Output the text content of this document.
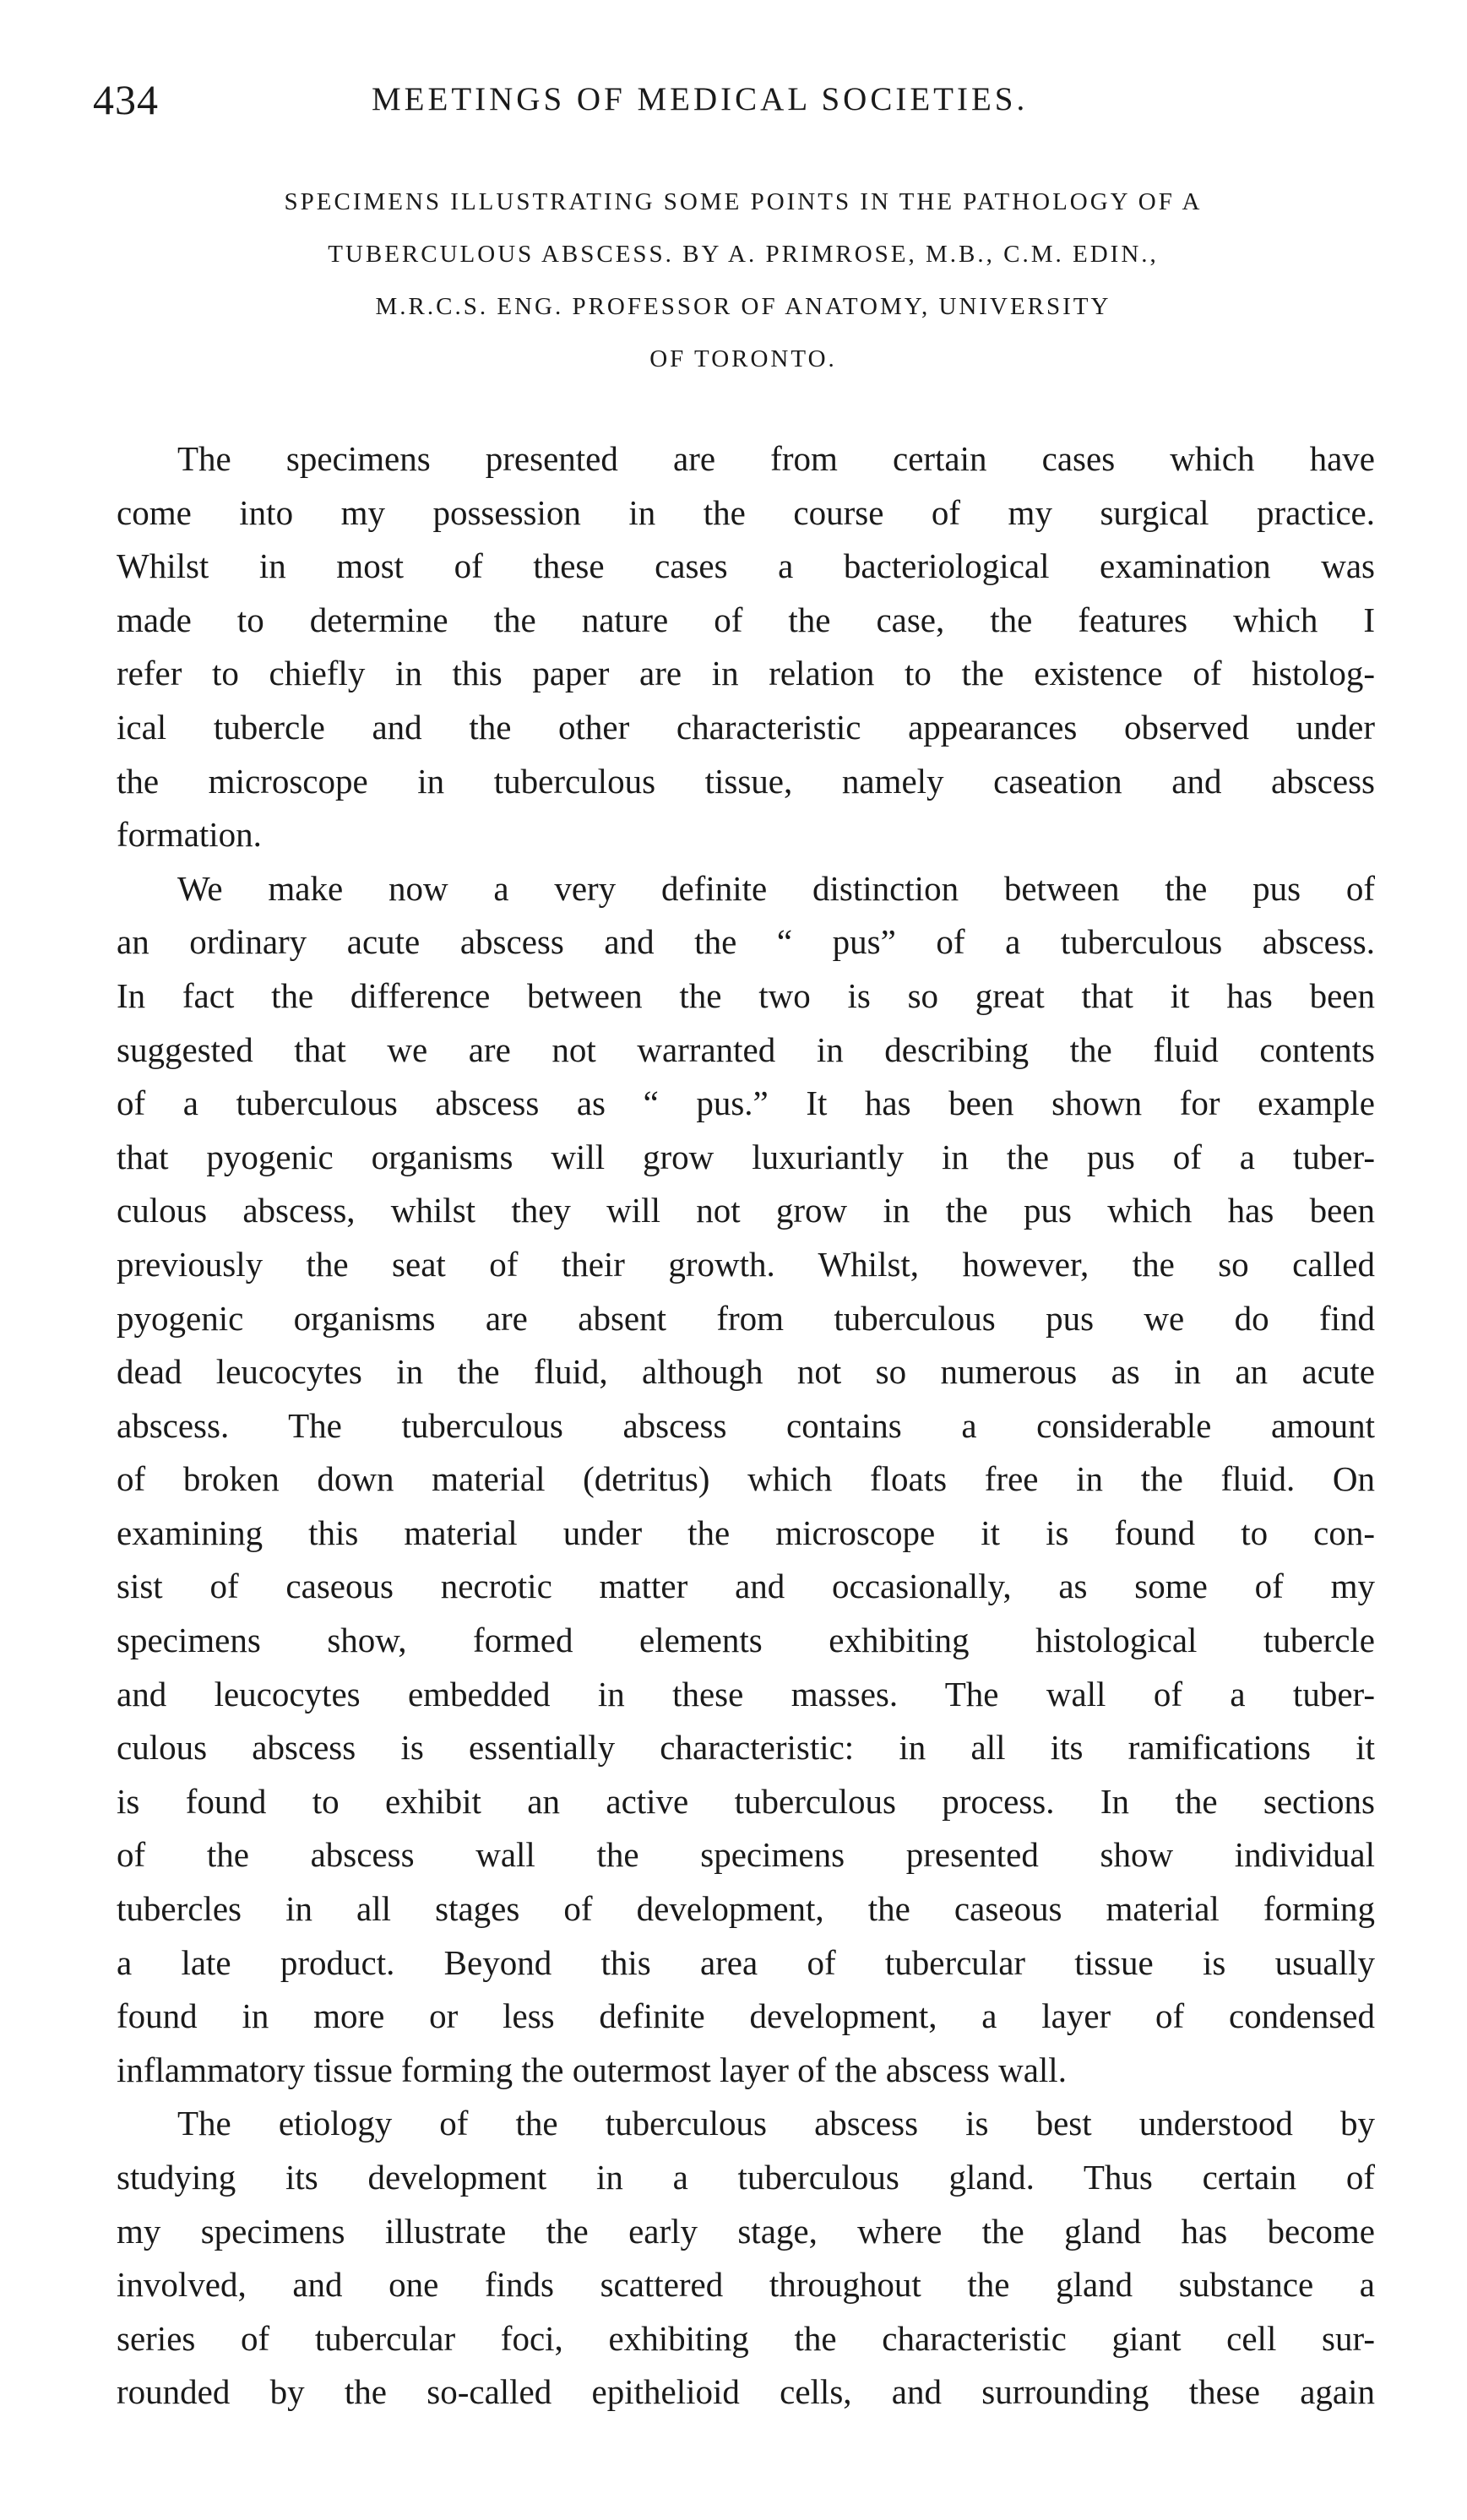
434	MEETINGS OF MEDICAL SOCIETIES.
SPECIMENS ILLUSTRATING SOME POINTS IN THE PATHOLOGY OF A
TUBERCULOUS ABSCESS. BY A. PRIMROSE, M.B., C.M. EDIN.,
M.R.C.S. ENG. PROFESSOR OF ANATOMY, UNIVERSITY
OF TORONTO.
The specimens presented are from certain cases which have
come into my possession in the course of my surgical practice.
Whilst in most of these cases a bacteriological examination was
made to determine the nature of the case, the features which I
refer to chiefly in this paper are in relation to the existence of histolog-
ical tubercle and the other characteristic appearances observed under
the microscope in tuberculous tissue, namely caseation and abscess
formation.
We make now a very definite distinction between the pus of
an ordinary acute abscess and the “ pus” of a tuberculous abscess.
In fact the difference between the two is so great that it has been
suggested that we are not warranted in describing the fluid contents
of a tuberculous abscess as “ pus.” It has been shown for example
that pyogenic organisms will grow luxuriantly in the pus of a tuber-
culous abscess, whilst they will not grow in the pus which has been
previously the seat of their growth. Whilst, however, the so called
pyogenic organisms are absent from tuberculous pus we do find
dead leucocytes in the fluid, although not so numerous as in an acute
abscess. The tuberculous abscess contains a considerable amount
of broken down material (detritus) which floats free in the fluid. On
examining this material under the microscope it is found to con-
sist of caseous necrotic matter and occasionally, as some of my
specimens show, formed elements exhibiting histological tubercle
and leucocytes embedded in these masses. The wall of a tuber-
culous abscess is essentially characteristic: in all its ramifications it
is found to exhibit an active tuberculous process. In the sections
of the abscess wall the specimens presented show individual
tubercles in all stages of development, the caseous material forming
a late product. Beyond this area of tubercular tissue is usually
found in more or less definite development, a layer of condensed
inflammatory tissue forming the outermost layer of the abscess wall.
The etiology of the tuberculous abscess is best understood by
studying its development in a tuberculous gland. Thus certain of
my specimens illustrate the early stage, where the gland has become
involved, and one finds scattered throughout the gland substance a
series of tubercular foci, exhibiting the characteristic giant cell sur-
rounded by the so-called epithelioid cells, and surrounding these again
